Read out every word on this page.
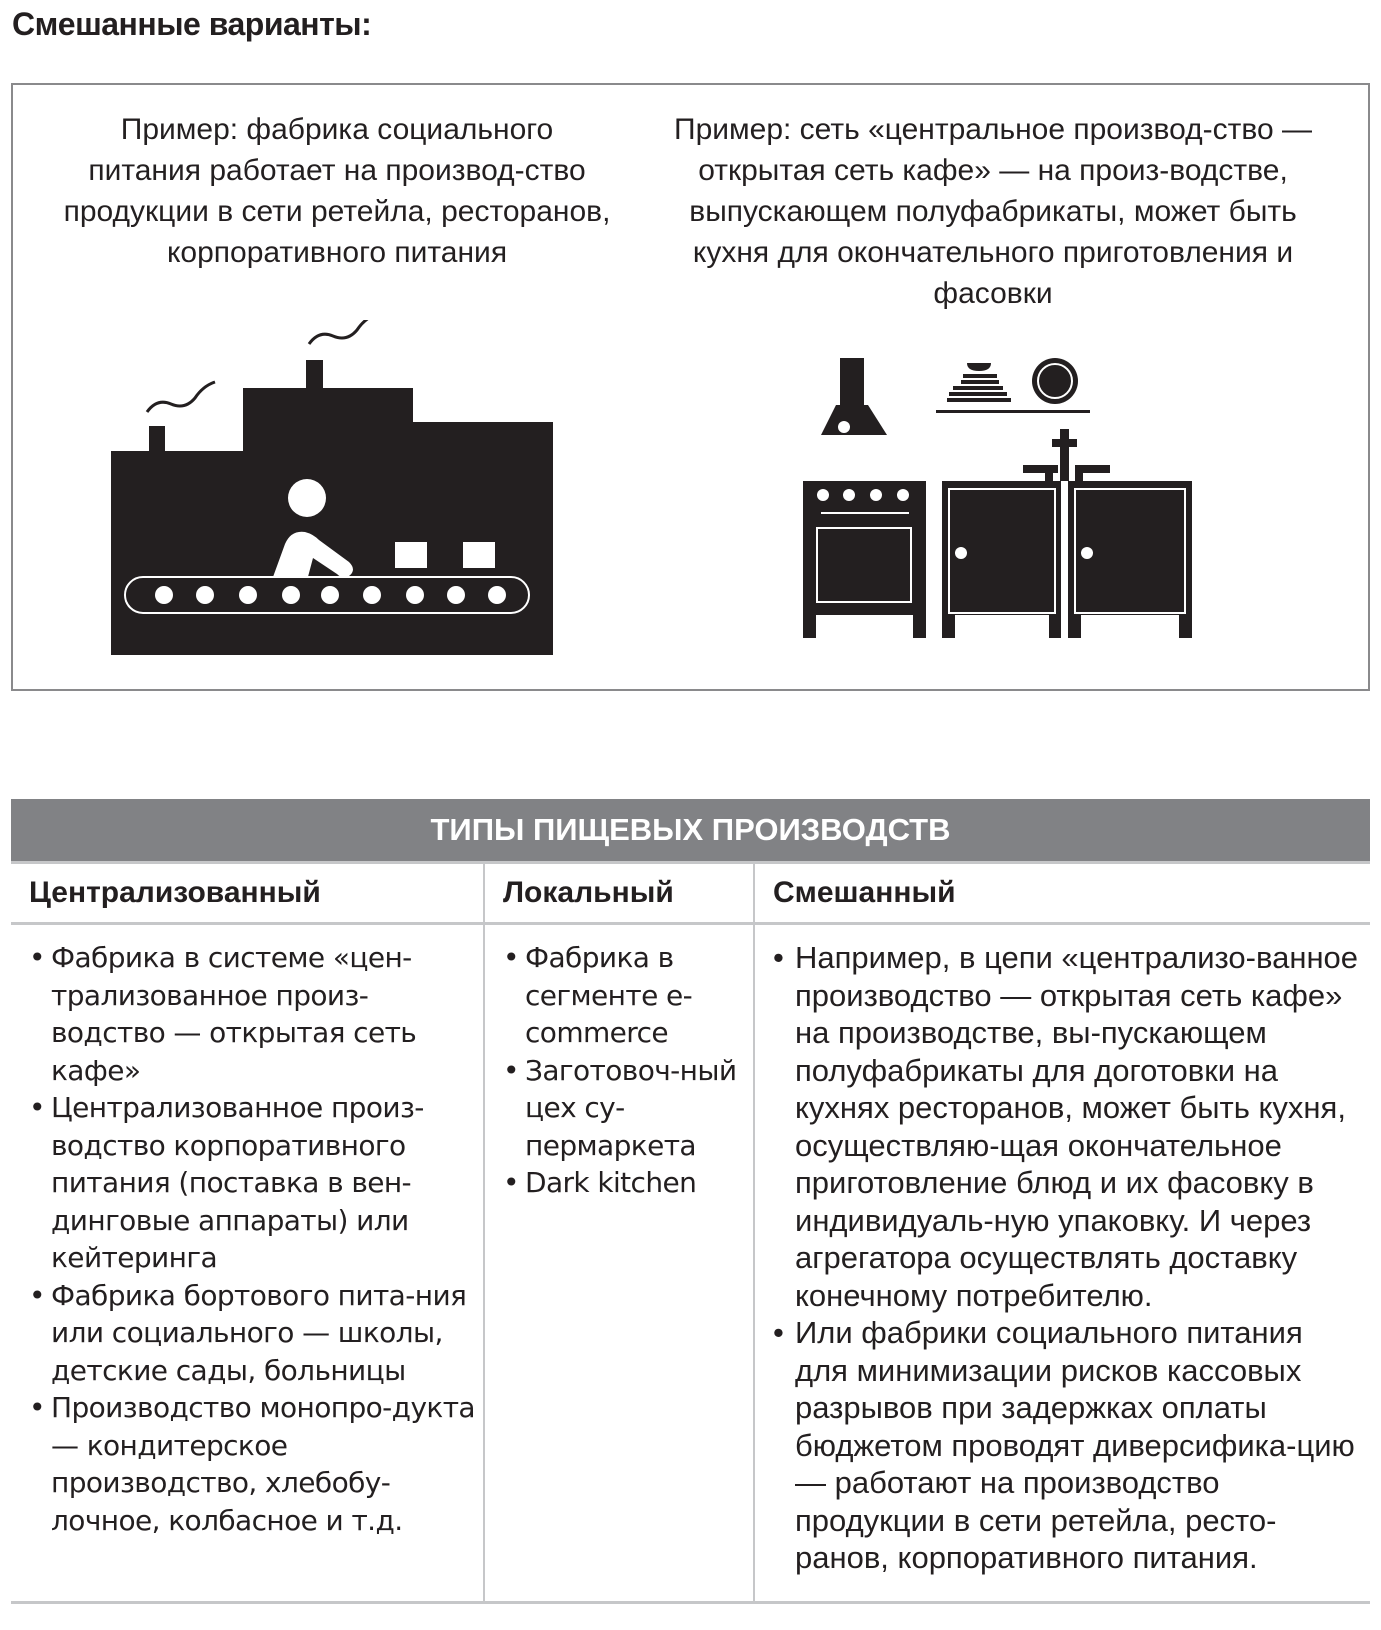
Смешанные варианты:
Пример: фабрика социального питания работает на производ-ство продукции в сети ретейла, ресторанов, корпоративного питания
Пример: сеть «центральное производ-ство — открытая сеть кафе» — на произ-водстве, выпускающем полуфабрикаты, может быть кухня для окончательного приготовления и фасовки
ТИПЫ ПИЩЕВЫХ ПРОИЗВОДСТВ
Централизованный
• Фабрика в системе «цен-трализованное произ-водство — открытая сеть кафе»
• Централизованное произ-водство корпоративного питания (поставка в вен-динговые аппараты) или кейтеринга
• Фабрика бортового пита-ния или социального — школы, детские сады, больницы
• Производство монопро-дукта — кондитерское производство, хлебобу-лочное, колбасное и т.д.
Локальный
• Фабрика в сегменте e-commerce
• Заготовоч-ный цех су-пермаркета
• Dark kitchen
Смешанный
• Например, в цепи «централизо-ванное производство — открытая сеть кафе» на производстве, вы-пускающем полуфабрикаты для доготовки на кухнях ресторанов, может быть кухня, осуществляю-щая окончательное приготовление блюд и их фасовку в индивидуаль-ную упаковку. И через агрегатора осуществлять доставку конечному потребителю.
• Или фабрики социального питания для минимизации рисков кассовых разрывов при задержках оплаты бюджетом проводят диверсифика-цию — работают на производство продукции в сети ретейла, ресто-ранов, корпоративного питания.
